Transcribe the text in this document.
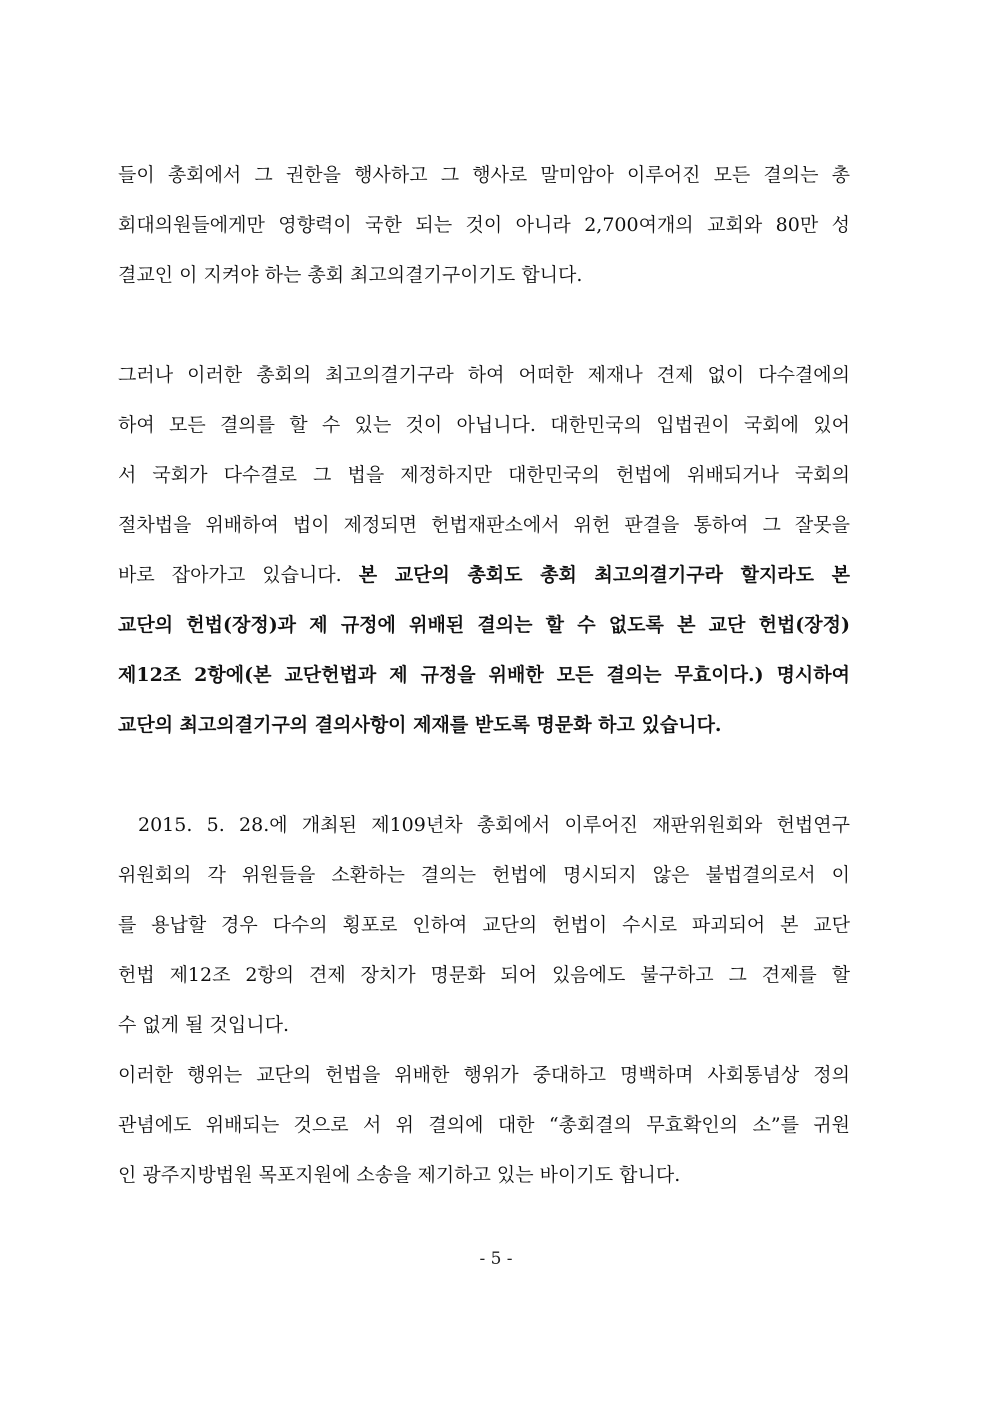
들이 총회에서 그 권한을 행사하고 그 행사로 말미암아 이루어진 모든 결의는 총
회대의원들에게만 영향력이 국한 되는 것이 아니라 2,700여개의 교회와 80만 성
결교인 이 지켜야 하는 총회 최고의결기구이기도 합니다.
그러나 이러한 총회의 최고의결기구라 하여 어떠한 제재나 견제 없이 다수결에의
하여 모든 결의를 할 수 있는 것이 아닙니다. 대한민국의 입법권이 국회에 있어
서 국회가 다수결로 그 법을 제정하지만 대한민국의 헌법에 위배되거나 국회의
절차법을 위배하여 법이 제정되면 헌법재판소에서 위헌 판결을 통하여 그 잘못을
바로 잡아가고 있습니다. 본 교단의 총회도 총회 최고의결기구라 할지라도 본
교단의 헌법(장정)과 제 규정에 위배된 결의는 할 수 없도록 본 교단 헌법(장정)
제12조 2항에(본 교단헌법과 제 규정을 위배한 모든 결의는 무효이다.) 명시하여
교단의 최고의결기구의 결의사항이 제재를 받도록 명문화 하고 있습니다.
2015. 5. 28.에 개최된 제109년차 총회에서 이루어진 재판위원회와 헌법연구
위원회의 각 위원들을 소환하는 결의는 헌법에 명시되지 않은 불법결의로서 이
를 용납할 경우 다수의 횡포로 인하여 교단의 헌법이 수시로 파괴되어 본 교단
헌법 제12조 2항의 견제 장치가 명문화 되어 있음에도 불구하고 그 견제를 할
수 없게 될 것입니다.
이러한 행위는 교단의 헌법을 위배한 행위가 중대하고 명백하며 사회통념상 정의
관념에도 위배되는 것으로 서 위 결의에 대한 “총회결의 무효확인의 소”를 귀원
인 광주지방법원 목포지원에 소송을 제기하고 있는 바이기도 합니다.
- 5 -
